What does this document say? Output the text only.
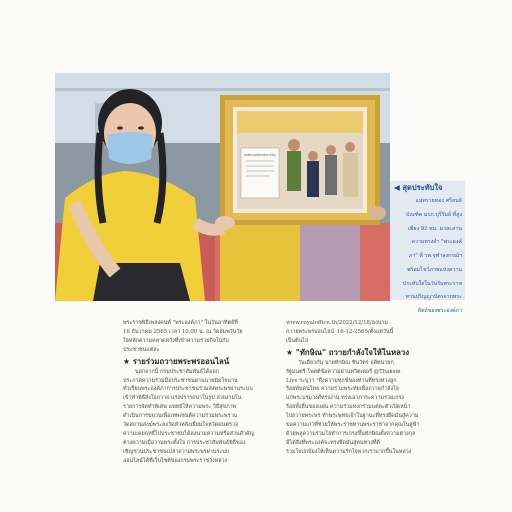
ขอพระองค์ทรงพระเจริญ
◀ สุดประทับใจ

แม่ทรายทอง ศรีสนธิ

บัณฑิต มรภ.บุรีรัมย์ ที่สูง

เพียง 92 ซม. มาสะสาน

ความทรงจำ "พระองค์

ภา" ที่ รพ.จุฬาลงกรณ์ฯ

พร้อมโชว์ภาพแห่งความ

ประทับใจในวันรับพระราช

ทานปริญญาบัตรจากพระ

หัตถ์ของพระองค์ภา

พระราชพิธีเพลงคนท์ "พระองค์ภา" ในวันอาทิตย์ที่

16 ธันวาคม 2565 เวลา 10.00 น. ณ วัดอัมพวันวัย

ใจหลักความคลาดหวังที่เข้าความร่วมกิจในกับ

ประชาชนแต่ละ

★ รายร่วมถวายพระพรออนไลน์

นอกจากนี้ กรมประชาสัมพันธ์ได้ออก

ประกาศความร่วมมือประชาชนผ่านนายมิดใจนาน

ทั่วเรียนพระองค์ภาการประชาชนร่วมส่งพระพรผ่านระบบ

เข้าทำพิธีส่งใจถวาย แรงปรารถนาในรูป สวยงามใน

รายการจัดทำพิเศษ แพทย์ให้ความพระ วิธีสุขภาพ

ดำเนินการขบวนเพื่อเทพเซนต์ความร่วมพระพร ณ

วัดสถานสงฆ์พระลงวัดหัวหลังเยี่ยมใจหวัดคนตรวจ

ความเคยฤทธิ์ไปประชาชนได้ลงนามความหรือส่วนสำคัญ

ต่างความเมื่อวานพระตั้งใจ การประชาสัมพันธ์พิธีของ

เชิญชวนประชาชนเปล่าถวายพระพรผ่านระบบ

ออนไลน์ได้ที่เว็บไซต์ของกรมพระราชวังหลวง

www.royaloffice.th/2022/12/18/ลงนาม

ถวายพระพรออนไลน์_16-12-2565/ตั้งแต่วันนี้

เป็นต้นไป

★ "ทักษิณ" ถวายกำลังใจให้ในหลวง

วันเดียวกัน นายทักษิณ ชินวัตร อดีตนายก

รัฐมนตรี โพสต์ข้อความผ่านทวิตเตอร์ @Thaksin

Live ระบุว่า "ถึงความทุกข์ของท่านที่ทรงห่วงลูก

ร้อยพันคนไทย ความร่วมพระทัยเพื่อถวายกำลังใจ

แก่พระบรมวงศ์ทรงงาน ทรงเอาภาระความร่วมเกรง

ร้อยทั้งสิ้นของแผ่น ความร่วมหงกร่วมแต่ละตัวเปิดหน้า

ไปถวายพระพร ทำพระพุทธเจ้าในฐานะที่ทรงยึดมั่นสู่ความ

ขอความเก่าที่ช่วยให้พระราชทานพระราชาจากคุณในสู่ฟ้า

ด้วยพลูความร่วมใจทำการเกรงขึ้นทักษิณตั้งความต่างกุล

มีได้สิ่งที่พระองค์จะทรงยึดมั่นสู่หนทางที่ดี

รวมใจปกป้องให้เห็นความรักใจพวกเรามากขึ้นในหลวง
